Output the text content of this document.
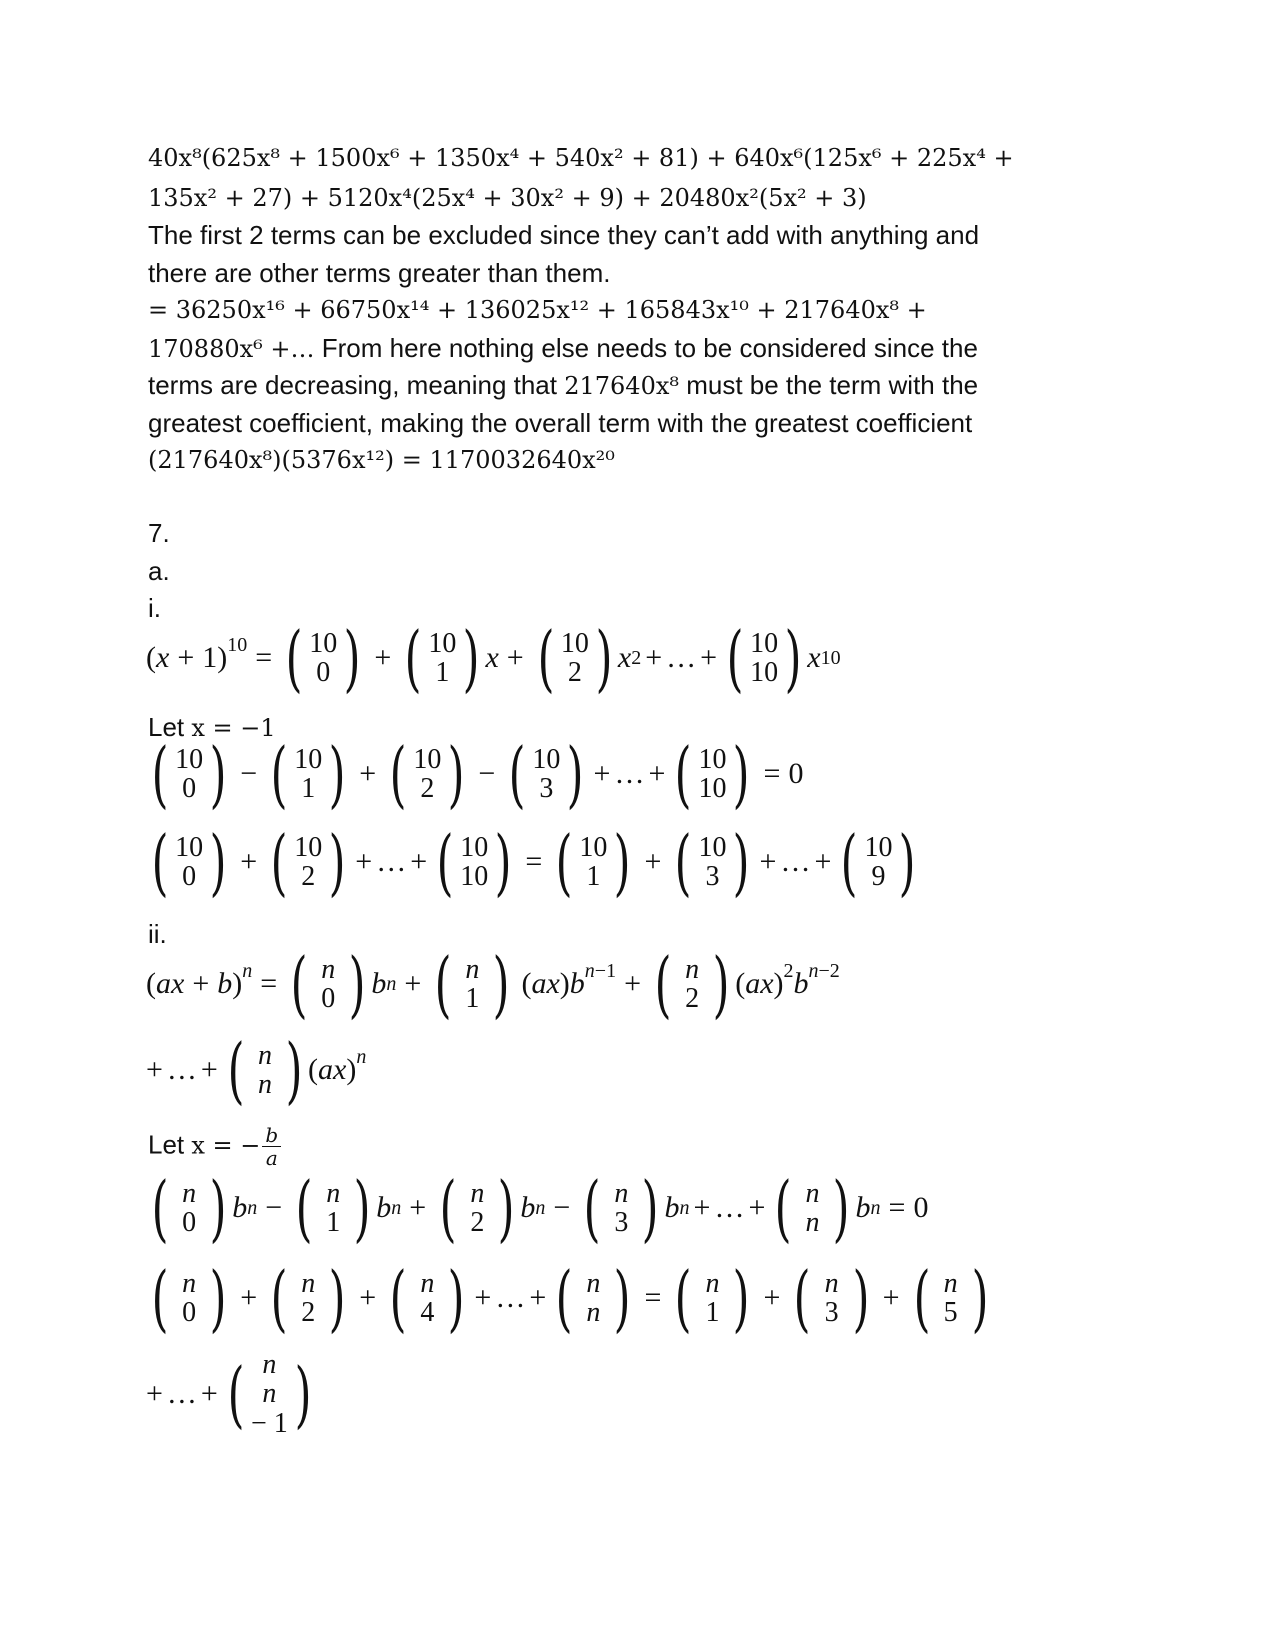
40x⁸(625x⁸ + 1500x⁶ + 1350x⁴ + 540x² + 81) + 640x⁶(125x⁶ + 225x⁴ +
135x² + 27) + 5120x⁴(25x⁴ + 30x² + 9) + 20480x²(5x² + 3)
The first 2 terms can be excluded since they can’t add with anything and
there are other terms greater than them.
= 36250x¹⁶ + 66750x¹⁴ + 136025x¹² + 165843x¹⁰ + 217640x⁸ +
170880x⁶ +… From here nothing else needs to be considered since the
terms are decreasing, meaning that 217640x⁸ must be the term with the
greatest coefficient, making the overall term with the greatest coefficient
(217640x⁸)(5376x¹²) = 1170032640x²⁰
7.
a.
i.
$(x + 1)^{10}$ = ( 10
0 ) + ( 10
1 ) x + ( 10
2 ) x 2 + … + ( 10
10 ) x 10
Let x = −1
( 10
0 ) − ( 10
1 ) + ( 10
2 ) − ( 10
3 ) + … + ( 10
10 ) = 0
( 10
0 ) + ( 10
2 ) + … + ( 10
10 ) = ( 10
1 ) + ( 10
3 ) + … + ( 10
9 )
ii.
(ax + b)$^n$ = ( n
0 ) b n + ( n
1 ) $(ax)b^{n-1}$ + ( n
2 ) $(ax)^2b^{n-2}$
+ … + ( n
n ) (ax)$^n$
Let x = − $\frac{b}{a}$
( n
0 ) b n − ( n
1 ) b n + ( n
2 ) b n − ( n
3 ) b n + … + ( n
n ) b n = 0
( n
0 ) + ( n
2 ) + ( n
4 ) + … + ( n
n ) = ( n
1 ) + ( n
3 ) + ( n
5 )
+ … + ( n
n
− 1 )
